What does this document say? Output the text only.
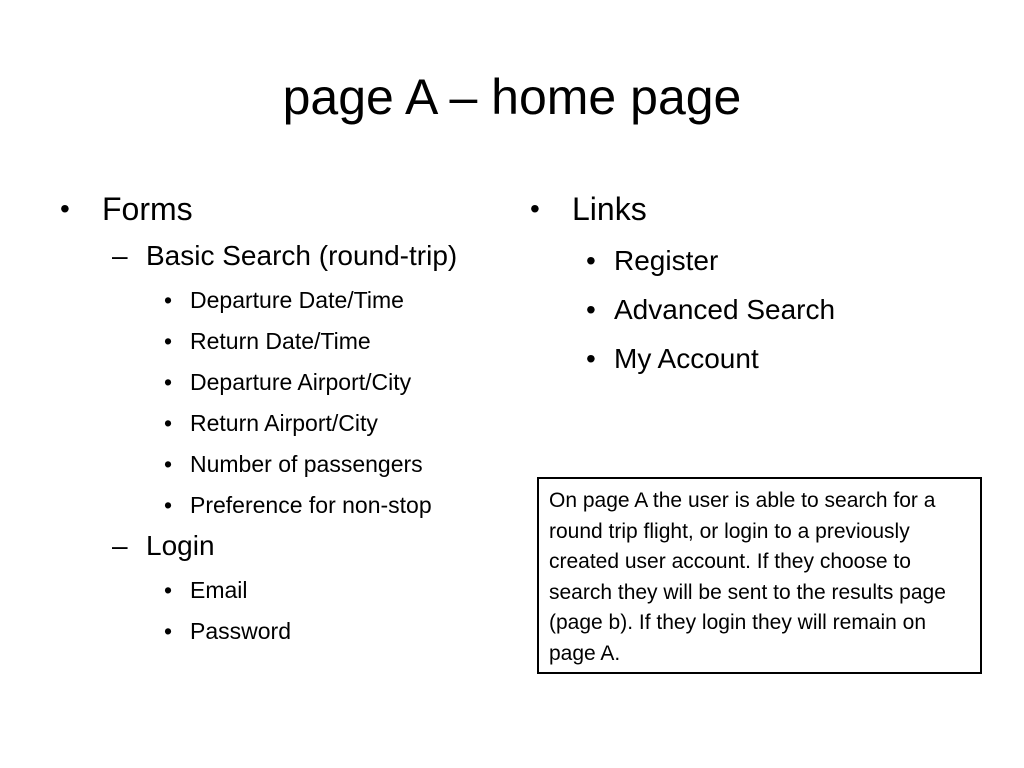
page A – home page
• Forms
– Basic Search (round-trip)
• Departure Date/Time
• Return Date/Time
• Departure Airport/City
• Return Airport/City
• Number of passengers
• Preference for non-stop
– Login
• Email
• Password
• Links
• Register
• Advanced Search
• My Account
On page A the user is able to search for a round trip flight, or login to a previously created user account. If they choose to search they will be sent to the results page (page b). If they login they will remain on page A.
